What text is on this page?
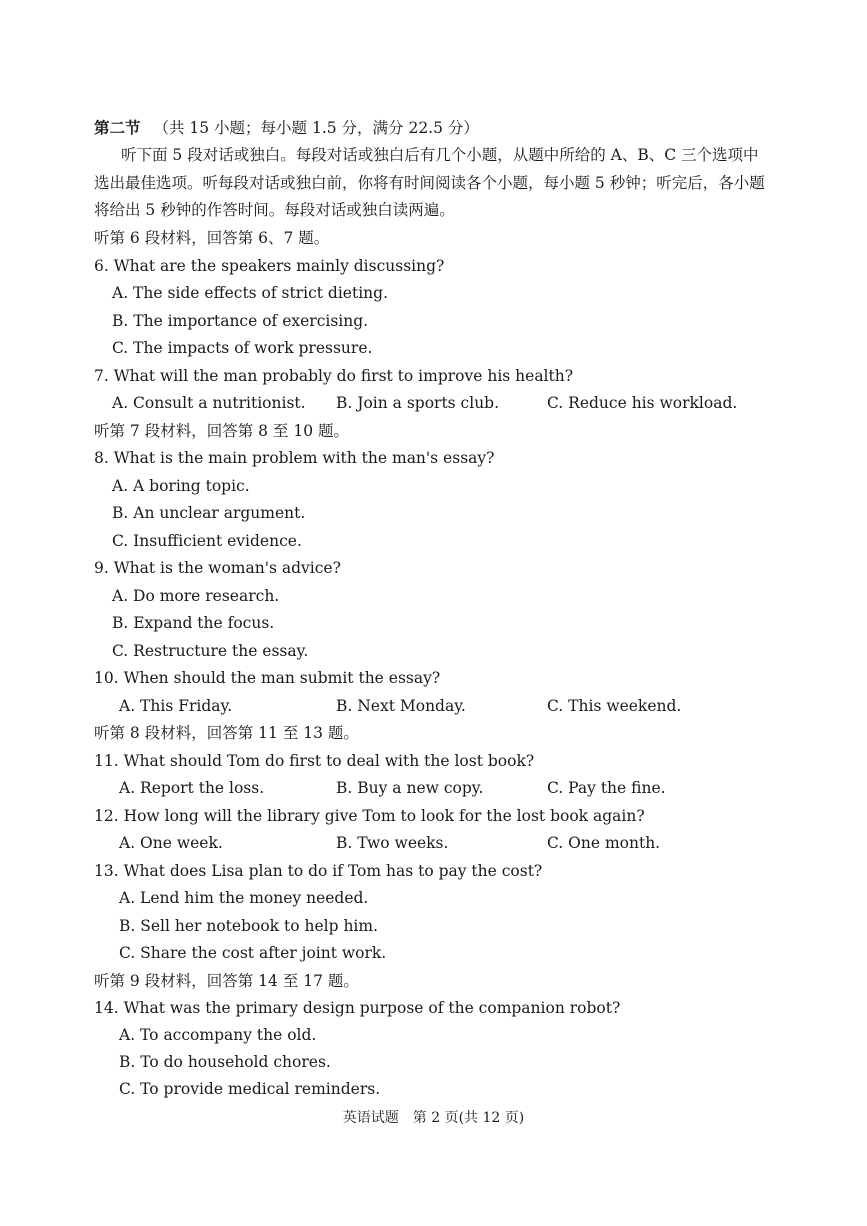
第二节 （共 15 小题；每小题 1.5 分，满分 22.5 分）
听下面 5 段对话或独白。每段对话或独白后有几个小题，从题中所给的 A、B、C 三个选项中
选出最佳选项。听每段对话或独白前，你将有时间阅读各个小题，每小题 5 秒钟；听完后，各小题
将给出 5 秒钟的作答时间。每段对话或独白读两遍。
听第 6 段材料，回答第 6、7 题。
6. What are the speakers mainly discussing?
A. The side effects of strict dieting.
B. The importance of exercising.
C. The impacts of work pressure.
7. What will the man probably do first to improve his health?
A. Consult a nutritionist. B. Join a sports club.	C. Reduce his workload.
听第 7 段材料，回答第 8 至 10 题。
8. What is the main problem with the man's essay?
A. A boring topic.
B. An unclear argument.
C. Insufficient evidence.
9. What is the woman's advice?
A. Do more research.
B. Expand the focus.
C. Restructure the essay.
10. When should the man submit the essay?
A. This Friday.	B. Next Monday.	C. This weekend.
听第 8 段材料，回答第 11 至 13 题。
11. What should Tom do first to deal with the lost book?
A. Report the loss.	B. Buy a new copy.	C. Pay the fine.
12. How long will the library give Tom to look for the lost book again?
A. One week.	B. Two weeks.	C. One month.
13. What does Lisa plan to do if Tom has to pay the cost?
A. Lend him the money needed.
B. Sell her notebook to help him.
C. Share the cost after joint work.
听第 9 段材料，回答第 14 至 17 题。
14. What was the primary design purpose of the companion robot?
A. To accompany the old.
B. To do household chores.
C. To provide medical reminders.
英语试题　第 2 页(共 12 页)
